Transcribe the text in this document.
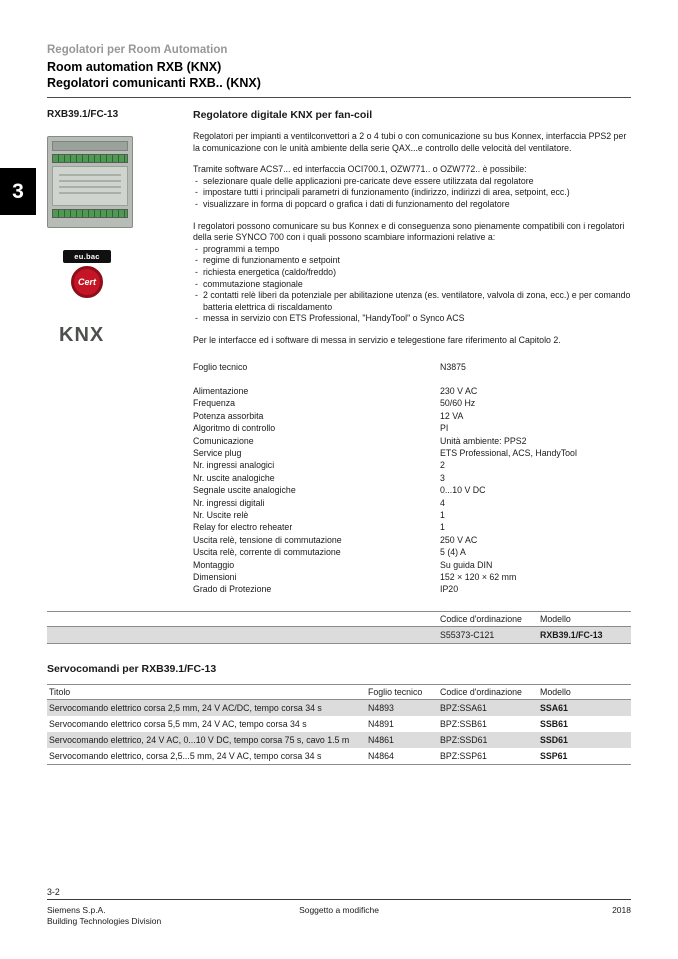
3
Regolatori per Room Automation
Room automation RXB (KNX)
Regolatori comunicanti RXB.. (KNX)
RXB39.1/FC-13
eu.bac
Cert
KNX
Regolatore digitale KNX per fan-coil

Regolatori per impianti a ventilconvettori a 2 o 4 tubi o con comunicazione su bus Konnex, interfaccia PPS2 per la comunicazione con le unità ambiente della serie QAX...e controllo delle velocità del ventilatore.

Tramite software ACS7... ed interfaccia OCI700.1, OZW771.. o OZW772.. è possibile:

- selezionare quale delle applicazioni pre-caricate deve essere utilizzata dal regolatore
- impostare tutti i principali parametri di funzionamento (indirizzo, indirizzi di area, setpoint, ecc.)
- visualizzare in forma di popcard o grafica i dati di funzionamento del regolatore

I regolatori possono comunicare su bus Konnex e di conseguenza sono pienamente compatibili con i regolatori della serie SYNCO 700 con i quali possono scambiare informazioni relative a:

- programmi a tempo
- regime di funzionamento e setpoint
- richiesta energetica (caldo/freddo)
- commutazione stagionale
- 2 contatti relè liberi da potenziale per abilitazione utenza (es. ventilatore, valvola di zona, ecc.) e per comando batteria elettrica di riscaldamento
- messa in servizio con ETS Professional, "HandyTool" o Synco ACS

Per le interfacce ed i software di messa in servizio e telegestione fare riferimento al Capitolo 2.

Foglio tecnico	N3875
Alimentazione	230 V AC
Frequenza	50/60 Hz
Potenza assorbita	12 VA
Algoritmo di controllo	PI
Comunicazione	Unità ambiente: PPS2
Service plug	ETS Professional, ACS, HandyTool
Nr. ingressi analogici	2
Nr. uscite analogiche	3
Segnale uscite analogiche	0...10 V DC
Nr. ingressi digitali	4
Nr. Uscite relè	1
Relay for electro reheater	1
Uscita relè, tensione di commutazione	250 V AC
Uscita relè, corrente di commutazione	5 (4) A
Montaggio	Su guida DIN
Dimensioni	152 × 120 × 62 mm
Grado di Protezione	IP20
Codice d'ordinazione	Modello
S55373-C121	RXB39.1/FC-13
Servocomandi per RXB39.1/FC-13
Titolo	Foglio tecnico	Codice d'ordinazione	Modello
Servocomando elettrico corsa 2,5 mm, 24 V AC/DC, tempo corsa 34 s	N4893	BPZ:SSA61	SSA61
Servocomando elettrico corsa 5,5 mm, 24 V AC, tempo corsa 34 s	N4891	BPZ:SSB61	SSB61
Servocomando elettrico, 24 V AC, 0...10 V DC, tempo corsa 75 s, cavo 1.5 m	N4861	BPZ:SSD61	SSD61
Servocomando elettrico, corsa 2,5...5 mm, 24 V AC, tempo corsa 34 s	N4864	BPZ:SSP61	SSP61
3-2
Siemens S.p.A.
Building Technologies Division
Soggetto a modifiche	2018
